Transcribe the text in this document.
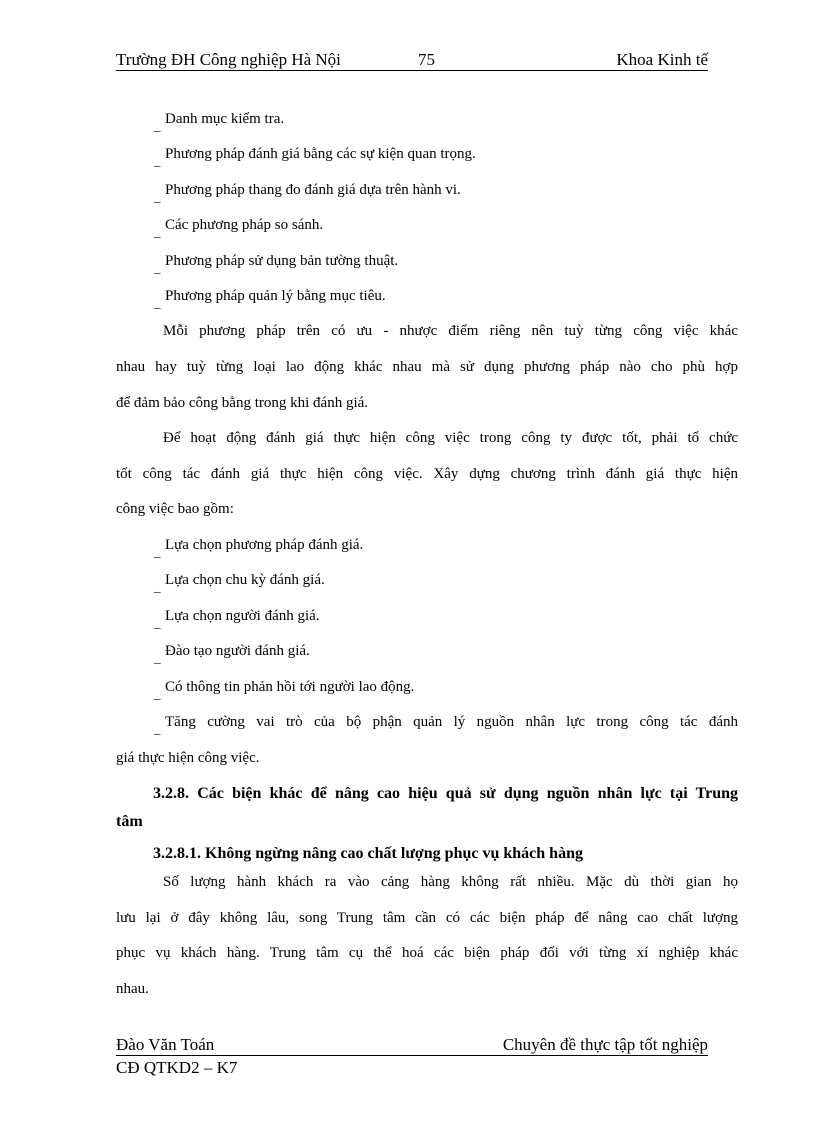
Trường ĐH Công nghiệp Hà Nội	75	Khoa Kinh tế
_ Danh mục kiểm tra.
_ Phương pháp đánh giá bằng các sự kiện quan trọng.
_ Phương pháp thang đo đánh giá dựa trên hành vi.
_ Các phương pháp so sánh.
_ Phương pháp sử dụng bản tường thuật.
_ Phương pháp quản lý bằng mục tiêu.
Mỗi phương pháp trên có ưu - nhược điểm riêng nên tuỳ từng công việc khác
nhau hay tuỳ từng loại lao động khác nhau mà sử dụng phương pháp nào cho phù hợp
để đảm bảo công bằng trong khi đánh giá.
Để hoạt động đánh giá thực hiện công việc trong công ty được tốt, phải tổ chức
tốt công tác đánh giá thực hiện công việc. Xây dựng chương trình đánh giá thực hiện
công việc bao gồm:
_ Lựa chọn phương pháp đánh giá.
_ Lựa chọn chu kỳ đánh giá.
_ Lựa chọn người đánh giá.
_ Đào tạo người đánh giá.
_ Có thông tin phản hồi tới người lao động.
_ Tăng cường vai trò của bộ phận quản lý nguồn nhân lực trong công tác đánh
giá thực hiện công việc.
3.2.8. Các biện khác để nâng cao hiệu quả sử dụng nguồn nhân lực tại Trung
tâm
3.2.8.1. Không ngừng nâng cao chất lượng phục vụ khách hàng
Số lượng hành khách ra vào cảng hàng không rất nhiều. Mặc dù thời gian họ
lưu lại ở đây không lâu, song Trung tâm cần có các biện pháp để nâng cao chất lượng
phục vụ khách hàng. Trung tâm cụ thể hoá các biện pháp đối với từng xí nghiệp khác
nhau.
Đào Văn Toán	Chuyên đề thực tập tốt nghiệp
CĐ QTKD2 – K7
